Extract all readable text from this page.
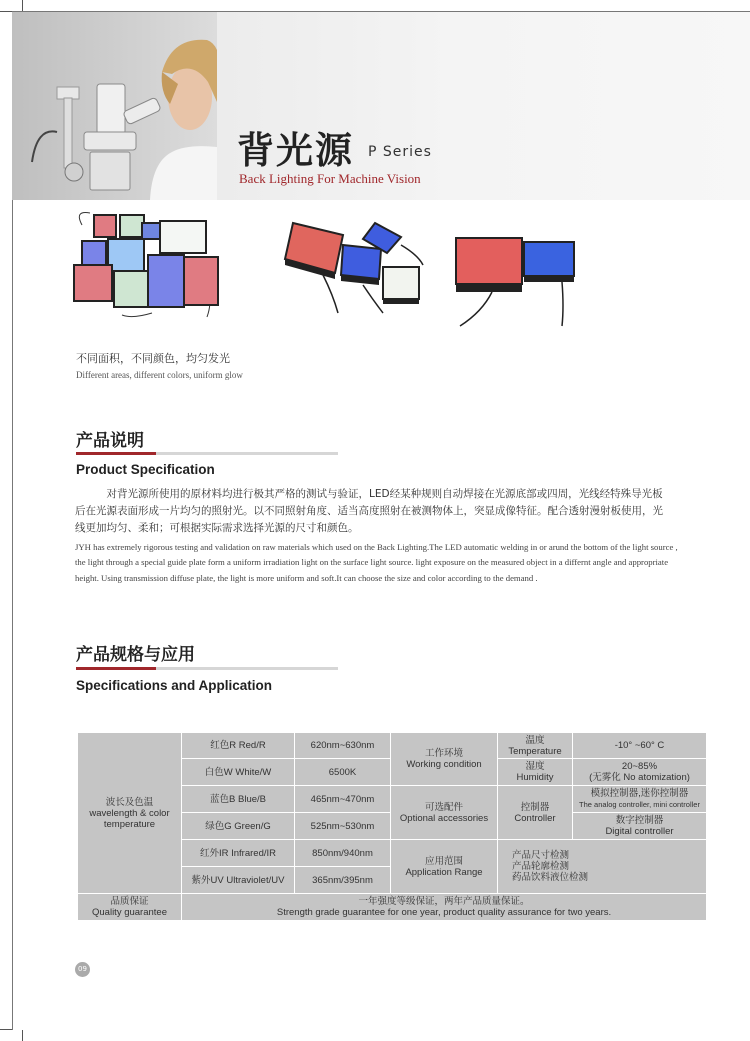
背光源 P Series
Back Lighting For Machine Vision
不同面积，不同颜色，均匀发光
Different areas, different colors, uniform glow
产品说明
Product Specification
　　　对背光源所使用的原材料均进行极其严格的测试与验证，LED经某种规则自动焊接在光源底部或四周，光线经特殊导光板后在光源表面形成一片均匀的照射光。以不同照射角度、适当高度照射在被测物体上，突显成像特征。配合透射漫射板使用，光线更加均匀、柔和；可根据实际需求选择光源的尺寸和颜色。
JYH has extremely rigorous testing and validation on raw materials which used on the Back Lighting.The LED automatic welding in or arund the bottom of the light source , the light through a special guide plate form a uniform irradiation light on the surface light source. light exposure on the measured object in a differnt angle and appropriate height. Using transmission diffuse plate, the light is more uniform and soft.It can choose the size and color according to the demand .
产品规格与应用
Specifications and Application
波长及色温
wavelength & color temperature	红色R Red/R	620nm~630nm	工作环境
Working condition	温度
Temperature	-10° ~60° C
	白色W White/W	6500K		湿度
Humidity	20~85%
(无雾化 No atomization)
	蓝色B Blue/B	465nm~470nm	可选配件
Optional accessories	控制器
Controller	模拟控制器,迷你控制器
The analog controller, mini controller
	绿色G Green/G	525nm~530nm			数字控制器
Digital controller
	红外IR Infrared/IR	850nm/940nm	应用范围
Application Range	产品尺寸检测
产品轮廓检测
药品饮料液位检测	
	紫外UV Ultraviolet/UV	365nm/395nm			
品质保证
Quality guarantee	一年强度等级保证，两年产品质量保证。
Strength grade guarantee for one year, product quality assurance for two years.				
09
